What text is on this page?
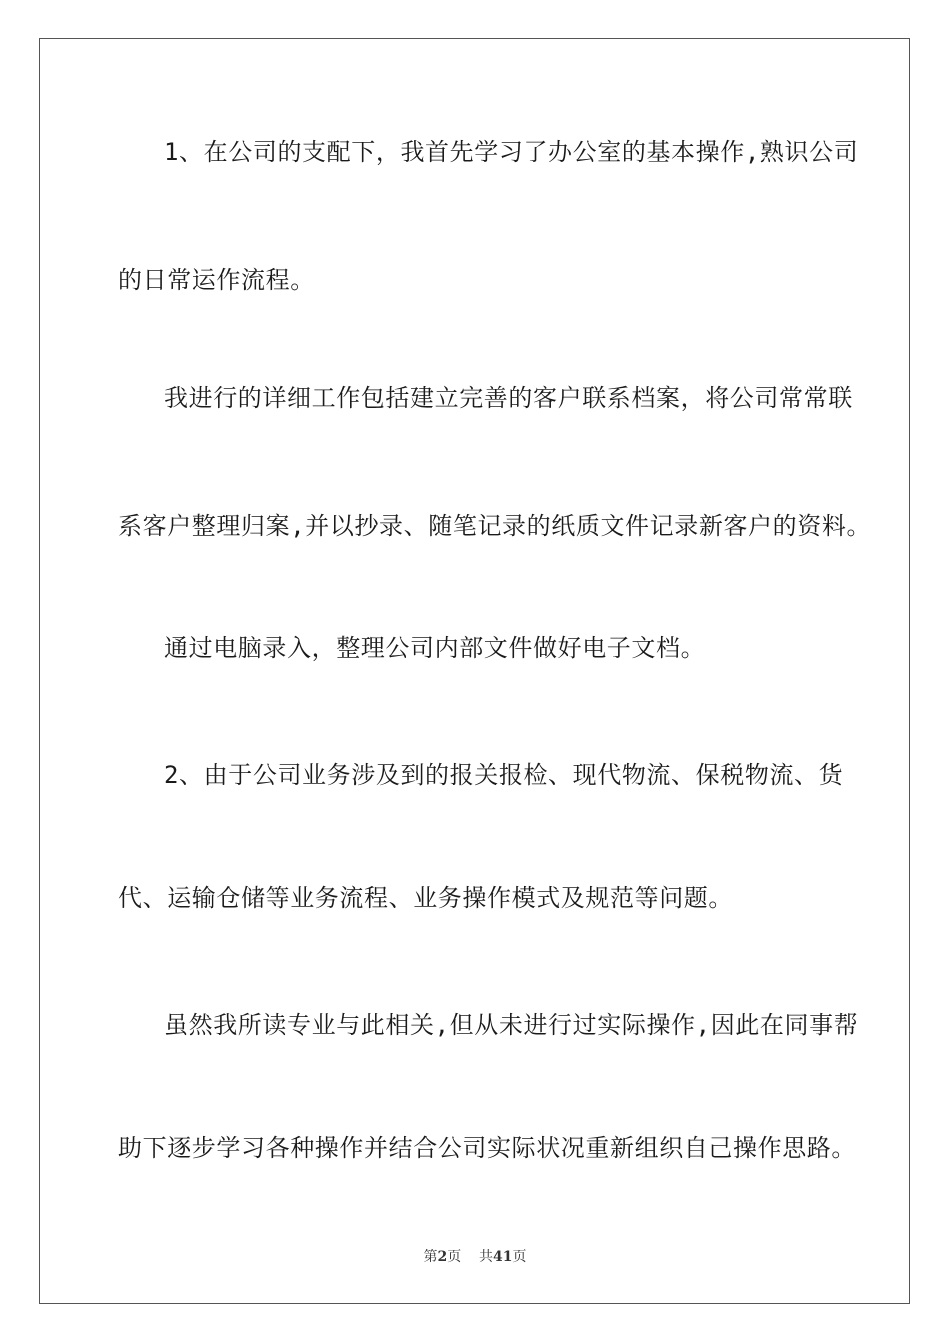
1、在公司的支配下，我首先学习了办公室的基本操作,熟识公司
的日常运作流程。
我进行的详细工作包括建立完善的客户联系档案，将公司常常联
系客户整理归案,并以抄录、随笔记录的纸质文件记录新客户的资料。
通过电脑录入，整理公司内部文件做好电子文档。
2、由于公司业务涉及到的报关报检、现代物流、保税物流、货
代、运输仓储等业务流程、业务操作模式及规范等问题。
虽然我所读专业与此相关,但从未进行过实际操作,因此在同事帮
助下逐步学习各种操作并结合公司实际状况重新组织自己操作思路。
第2页 共41页
